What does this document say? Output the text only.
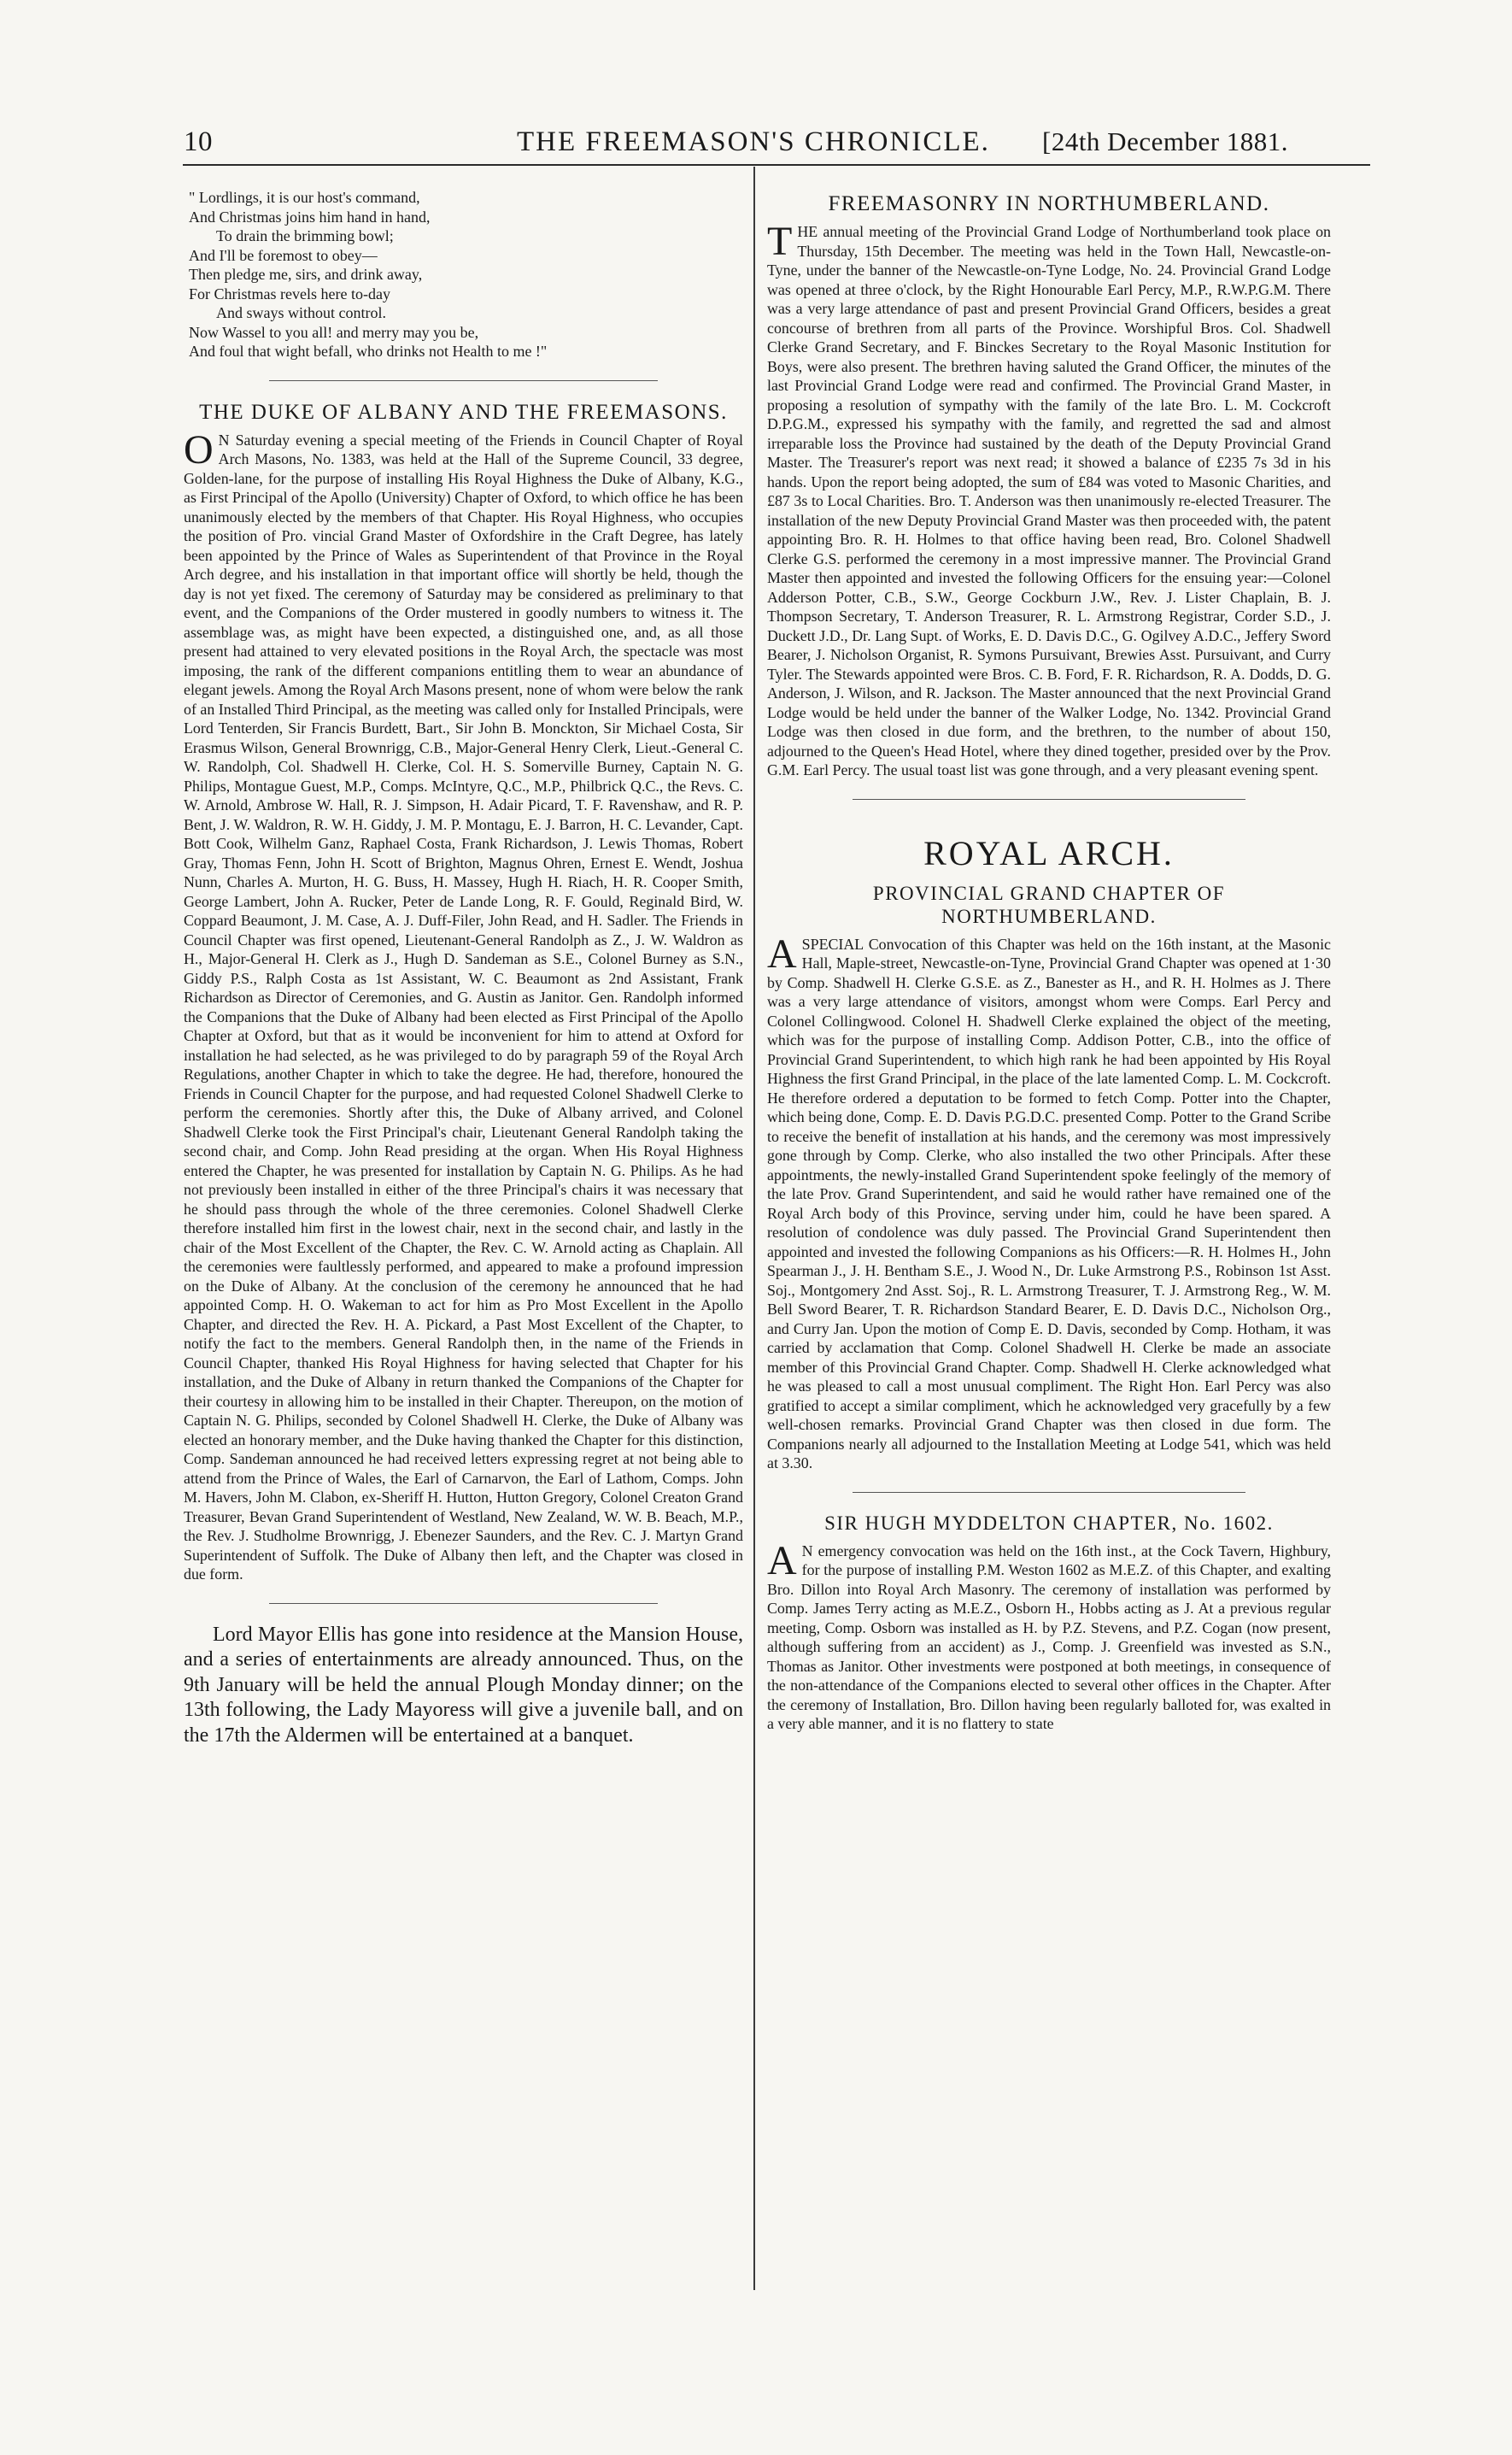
10	THE FREEMASON'S CHRONICLE. [24th December 1881.

" Lordlings, it is our host's command,

And Christmas joins him hand in hand,

To drain the brimming bowl;

And I'll be foremost to obey—

Then pledge me, sirs, and drink away,

For Christmas revels here to-day

And sways without control.

Now Wassel to you all! and merry may you be,

And foul that wight befall, who drinks not Health to me !"

THE DUKE OF ALBANY AND THE FREEMASONS.

O N Saturday evening a special meeting of the Friends in Council Chapter of Royal Arch Masons, No. 1383, was held at the Hall of the Supreme Council, 33 degree, Golden-lane, for the purpose of installing His Royal Highness the Duke of Albany, K.G., as First Principal of the Apollo (University) Chapter of Oxford, to which office he has been unanimously elected by the members of that Chapter. His Royal Highness, who occupies the position of Pro. vincial Grand Master of Oxfordshire in the Craft Degree, has lately been appointed by the Prince of Wales as Superintendent of that Province in the Royal Arch degree, and his installation in that important office will shortly be held, though the day is not yet fixed. The ceremony of Saturday may be considered as preliminary to that event, and the Companions of the Order mustered in goodly numbers to witness it. The assemblage was, as might have been expected, a distinguished one, and, as all those present had attained to very elevated positions in the Royal Arch, the spectacle was most imposing, the rank of the different companions entitling them to wear an abundance of elegant jewels. Among the Royal Arch Masons present, none of whom were below the rank of an Installed Third Principal, as the meeting was called only for Installed Principals, were Lord Tenterden, Sir Francis Burdett, Bart., Sir John B. Monckton, Sir Michael Costa, Sir Erasmus Wilson, General Brownrigg, C.B., Major-General Henry Clerk, Lieut.-General C. W. Randolph, Col. Shadwell H. Clerke, Col. H. S. Somerville Burney, Captain N. G. Philips, Montague Guest, M.P., Comps. McIntyre, Q.C., M.P., Philbrick Q.C., the Revs. C. W. Arnold, Ambrose W. Hall, R. J. Simpson, H. Adair Picard, T. F. Ravenshaw, and R. P. Bent, J. W. Waldron, R. W. H. Giddy, J. M. P. Montagu, E. J. Barron, H. C. Levander, Capt. Bott Cook, Wilhelm Ganz, Raphael Costa, Frank Richardson, J. Lewis Thomas, Robert Gray, Thomas Fenn, John H. Scott of Brighton, Magnus Ohren, Ernest E. Wendt, Joshua Nunn, Charles A. Murton, H. G. Buss, H. Massey, Hugh H. Riach, H. R. Cooper Smith, George Lambert, John A. Rucker, Peter de Lande Long, R. F. Gould, Reginald Bird, W. Coppard Beaumont, J. M. Case, A. J. Duff-Filer, John Read, and H. Sadler. The Friends in Council Chapter was first opened, Lieutenant-General Randolph as Z., J. W. Waldron as H., Major-General H. Clerk as J., Hugh D. Sandeman as S.E., Colonel Burney as S.N., Giddy P.S., Ralph Costa as 1st Assistant, W. C. Beaumont as 2nd Assistant, Frank Richardson as Director of Ceremonies, and G. Austin as Janitor. Gen. Randolph informed the Companions that the Duke of Albany had been elected as First Principal of the Apollo Chapter at Oxford, but that as it would be inconvenient for him to attend at Oxford for installation he had selected, as he was privileged to do by paragraph 59 of the Royal Arch Regulations, another Chapter in which to take the degree. He had, therefore, honoured the Friends in Council Chapter for the purpose, and had requested Colonel Shadwell Clerke to perform the ceremonies. Shortly after this, the Duke of Albany arrived, and Colonel Shadwell Clerke took the First Principal's chair, Lieutenant General Randolph taking the second chair, and Comp. John Read presiding at the organ. When His Royal Highness entered the Chapter, he was presented for installation by Captain N. G. Philips. As he had not previously been installed in either of the three Principal's chairs it was necessary that he should pass through the whole of the three ceremonies. Colonel Shadwell Clerke therefore installed him first in the lowest chair, next in the second chair, and lastly in the chair of the Most Excellent of the Chapter, the Rev. C. W. Arnold acting as Chaplain. All the ceremonies were faultlessly performed, and appeared to make a profound impression on the Duke of Albany. At the conclusion of the ceremony he announced that he had appointed Comp. H. O. Wakeman to act for him as Pro Most Excellent in the Apollo Chapter, and directed the Rev. H. A. Pickard, a Past Most Excellent of the Chapter, to notify the fact to the members. General Randolph then, in the name of the Friends in Council Chapter, thanked His Royal Highness for having selected that Chapter for his installation, and the Duke of Albany in return thanked the Companions of the Chapter for their courtesy in allowing him to be installed in their Chapter. Thereupon, on the motion of Captain N. G. Philips, seconded by Colonel Shadwell H. Clerke, the Duke of Albany was elected an honorary member, and the Duke having thanked the Chapter for this distinction, Comp. Sandeman announced he had received letters expressing regret at not being able to attend from the Prince of Wales, the Earl of Carnarvon, the Earl of Lathom, Comps. John M. Havers, John M. Clabon, ex-Sheriff H. Hutton, Hutton Gregory, Colonel Creaton Grand Treasurer, Bevan Grand Superintendent of Westland, New Zealand, W. W. B. Beach, M.P., the Rev. J. Studholme Brownrigg, J. Ebenezer Saunders, and the Rev. C. J. Martyn Grand Superintendent of Suffolk. The Duke of Albany then left, and the Chapter was closed in due form.

Lord Mayor Ellis has gone into residence at the Mansion House, and a series of entertainments are already announced. Thus, on the 9th January will be held the annual Plough Monday dinner; on the 13th following, the Lady Mayoress will give a juvenile ball, and on the 17th the Aldermen will be entertained at a banquet.

FREEMASONRY IN NORTHUMBERLAND.

THE annual meeting of the Provincial Grand Lodge of Northumberland took place on Thursday, 15th December. The meeting was held in the Town Hall, Newcastle-on-Tyne, under the banner of the Newcastle-on-Tyne Lodge, No. 24. Provincial Grand Lodge was opened at three o'clock, by the Right Honourable Earl Percy, M.P., R.W.P.G.M. There was a very large attendance of past and present Provincial Grand Officers, besides a great concourse of brethren from all parts of the Province. Worshipful Bros. Col. Shadwell Clerke Grand Secretary, and F. Binckes Secretary to the Royal Masonic Institution for Boys, were also present. The brethren having saluted the Grand Officer, the minutes of the last Provincial Grand Lodge were read and confirmed. The Provincial Grand Master, in proposing a resolution of sympathy with the family of the late Bro. L. M. Cockcroft D.P.G.M., expressed his sympathy with the family, and regretted the sad and almost irreparable loss the Province had sustained by the death of the Deputy Provincial Grand Master. The Treasurer's report was next read; it showed a balance of £235 7s 3d in his hands. Upon the report being adopted, the sum of £84 was voted to Masonic Charities, and £87 3s to Local Charities. Bro. T. Anderson was then unanimously re-elected Treasurer. The installation of the new Deputy Provincial Grand Master was then proceeded with, the patent appointing Bro. R. H. Holmes to that office having been read, Bro. Colonel Shadwell Clerke G.S. performed the ceremony in a most impressive manner. The Provincial Grand Master then appointed and invested the following Officers for the ensuing year:—Colonel Adderson Potter, C.B., S.W., George Cockburn J.W., Rev. J. Lister Chaplain, B. J. Thompson Secretary, T. Anderson Treasurer, R. L. Armstrong Registrar, Corder S.D., J. Duckett J.D., Dr. Lang Supt. of Works, E. D. Davis D.C., G. Ogilvey A.D.C., Jeffery Sword Bearer, J. Nicholson Organist, R. Symons Pursuivant, Brewies Asst. Pursuivant, and Curry Tyler. The Stewards appointed were Bros. C. B. Ford, F. R. Richardson, R. A. Dodds, D. G. Anderson, J. Wilson, and R. Jackson. The Master announced that the next Provincial Grand Lodge would be held under the banner of the Walker Lodge, No. 1342. Provincial Grand Lodge was then closed in due form, and the brethren, to the number of about 150, adjourned to the Queen's Head Hotel, where they dined together, presided over by the Prov. G.M. Earl Percy. The usual toast list was gone through, and a very pleasant evening spent.

ROYAL ARCH.
PROVINCIAL GRAND CHAPTER OF NORTHUMBERLAND.

A SPECIAL Convocation of this Chapter was held on the 16th instant, at the Masonic Hall, Maple-street, Newcastle-on-Tyne, Provincial Grand Chapter was opened at 1·30 by Comp. Shadwell H. Clerke G.S.E. as Z., Banester as H., and R. H. Holmes as J. There was a very large attendance of visitors, amongst whom were Comps. Earl Percy and Colonel Collingwood. Colonel H. Shadwell Clerke explained the object of the meeting, which was for the purpose of installing Comp. Addison Potter, C.B., into the office of Provincial Grand Superintendent, to which high rank he had been appointed by His Royal Highness the first Grand Principal, in the place of the late lamented Comp. L. M. Cockcroft. He therefore ordered a deputation to be formed to fetch Comp. Potter into the Chapter, which being done, Comp. E. D. Davis P.G.D.C. presented Comp. Potter to the Grand Scribe to receive the benefit of installation at his hands, and the ceremony was most impressively gone through by Comp. Clerke, who also installed the two other Principals. After these appointments, the newly-installed Grand Superintendent spoke feelingly of the memory of the late Prov. Grand Superintendent, and said he would rather have remained one of the Royal Arch body of this Province, serving under him, could he have been spared. A resolution of condolence was duly passed. The Provincial Grand Superintendent then appointed and invested the following Companions as his Officers:—R. H. Holmes H., John Spearman J., J. H. Bentham S.E., J. Wood N., Dr. Luke Armstrong P.S., Robinson 1st Asst. Soj., Montgomery 2nd Asst. Soj., R. L. Armstrong Treasurer, T. J. Armstrong Reg., W. M. Bell Sword Bearer, T. R. Richardson Standard Bearer, E. D. Davis D.C., Nicholson Org., and Curry Jan. Upon the motion of Comp E. D. Davis, seconded by Comp. Hotham, it was carried by acclamation that Comp. Colonel Shadwell H. Clerke be made an associate member of this Provincial Grand Chapter. Comp. Shadwell H. Clerke acknowledged what he was pleased to call a most unusual compliment. The Right Hon. Earl Percy was also gratified to accept a similar compliment, which he acknowledged very gracefully by a few well-chosen remarks. Provincial Grand Chapter was then closed in due form. The Companions nearly all adjourned to the Installation Meeting at Lodge 541, which was held at 3.30.

SIR HUGH MYDDELTON CHAPTER, No. 1602.

A N emergency convocation was held on the 16th inst., at the Cock Tavern, Highbury, for the purpose of installing P.M. Weston 1602 as M.E.Z. of this Chapter, and exalting Bro. Dillon into Royal Arch Masonry. The ceremony of installation was performed by Comp. James Terry acting as M.E.Z., Osborn H., Hobbs acting as J. At a previous regular meeting, Comp. Osborn was installed as H. by P.Z. Stevens, and P.Z. Cogan (now present, although suffering from an accident) as J., Comp. J. Greenfield was invested as S.N., Thomas as Janitor. Other investments were postponed at both meetings, in consequence of the non-attendance of the Companions elected to several other offices in the Chapter. After the ceremony of Installation, Bro. Dillon having been regularly balloted for, was exalted in a very able manner, and it is no flattery to state
